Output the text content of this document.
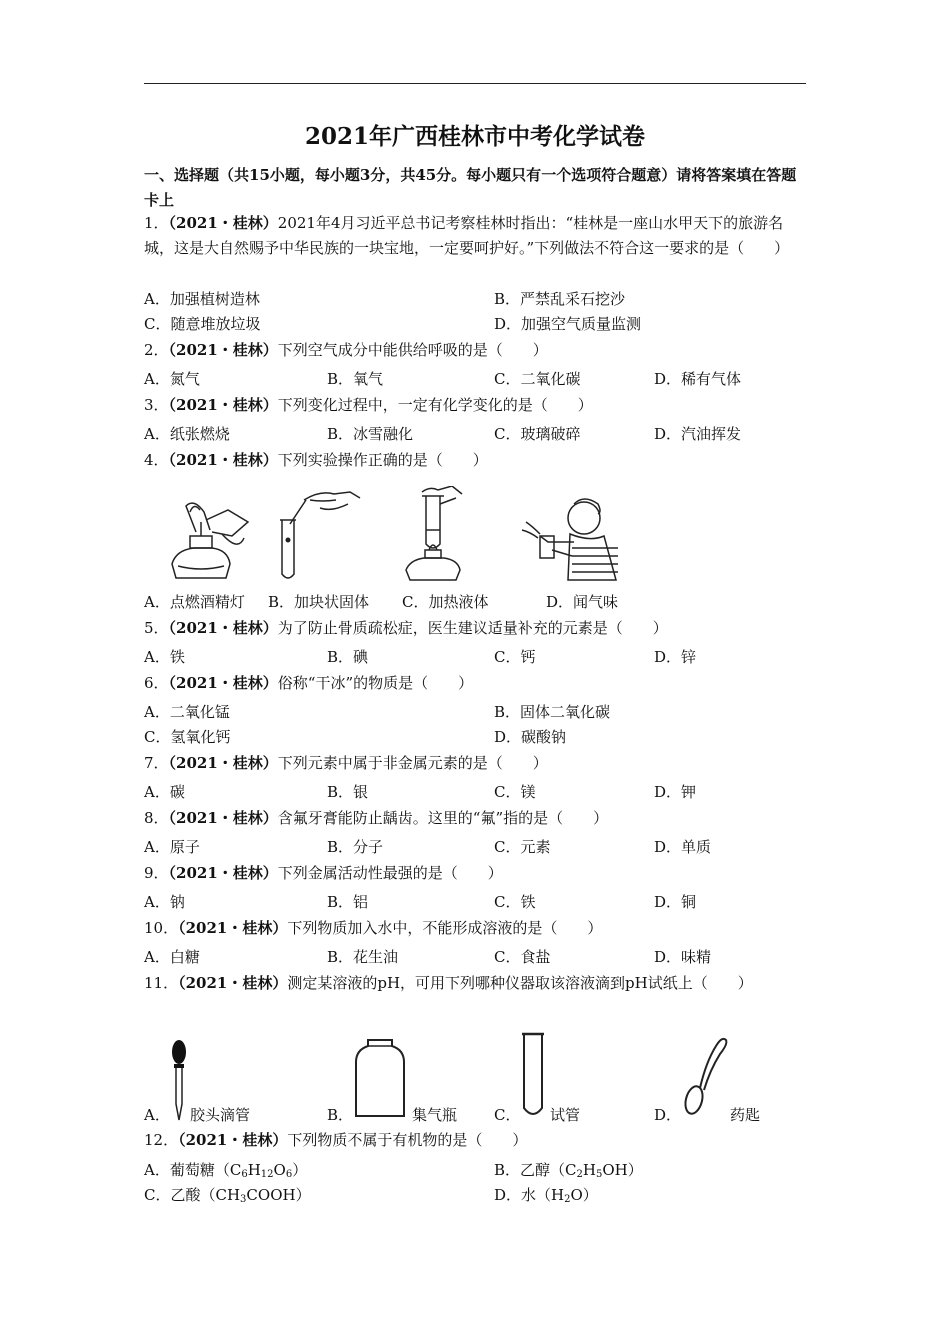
2021年广西桂林市中考化学试卷
一、选择题（共15小题，每小题3分，共45分。每小题只有一个选项符合题意）请将答案填在答题卡上
1．（2021・桂林）2021年4月习近平总书记考察桂林时指出：“桂林是一座山水甲天下的旅游名城，这是大自然赐予中华民族的一块宝地，一定要呵护好。”下列做法不符合这一要求的是（　　）
A．加强植树造林	B．严禁乱采石挖沙
C．随意堆放垃圾	D．加强空气质量监测
2．（2021・桂林）下列空气成分中能供给呼吸的是（　　）
A．氮气	B．氧气	C．二氧化碳	D．稀有气体
3．（2021・桂林）下列变化过程中，一定有化学变化的是（　　）
A．纸张燃烧	B．冰雪融化	C．玻璃破碎	D．汽油挥发
4．（2021・桂林）下列实验操作正确的是（　　）
A．点燃酒精灯 B．加块状固体 C．加热液体	D．闻气味
5．（2021・桂林）为了防止骨质疏松症，医生建议适量补充的元素是（　　）
A．铁	B．碘	C．钙	D．锌
6．（2021・桂林）俗称“干冰”的物质是（　　）
A．二氧化锰	B．固体二氧化碳
C．氢氧化钙	D．碳酸钠
7．（2021・桂林）下列元素中属于非金属元素的是（　　）
A．碳	B．银	C．镁	D．钾
8．（2021・桂林）含氟牙膏能防止龋齿。这里的“氟”指的是（　　）
A．原子	B．分子	C．元素	D．单质
9．（2021・桂林）下列金属活动性最强的是（　　）
A．钠	B．铝	C．铁	D．铜
10．（2021・桂林）下列物质加入水中，不能形成溶液的是（　　）
A．白糖	B．花生油	C．食盐	D．味精
11．（2021・桂林）测定某溶液的pH，可用下列哪种仪器取该溶液滴到pH试纸上（　　）
A． 胶头滴管	B．	集气瓶 C． 试管	D．	药匙
12．（2021・桂林）下列物质不属于有机物的是（　　）
A．葡萄糖$(C_6H_{12}O_6)$	B．乙醇$(C_2H_5OH)$
C．乙酸$(CH_3COOH)$	D．水$(H_2O)$
